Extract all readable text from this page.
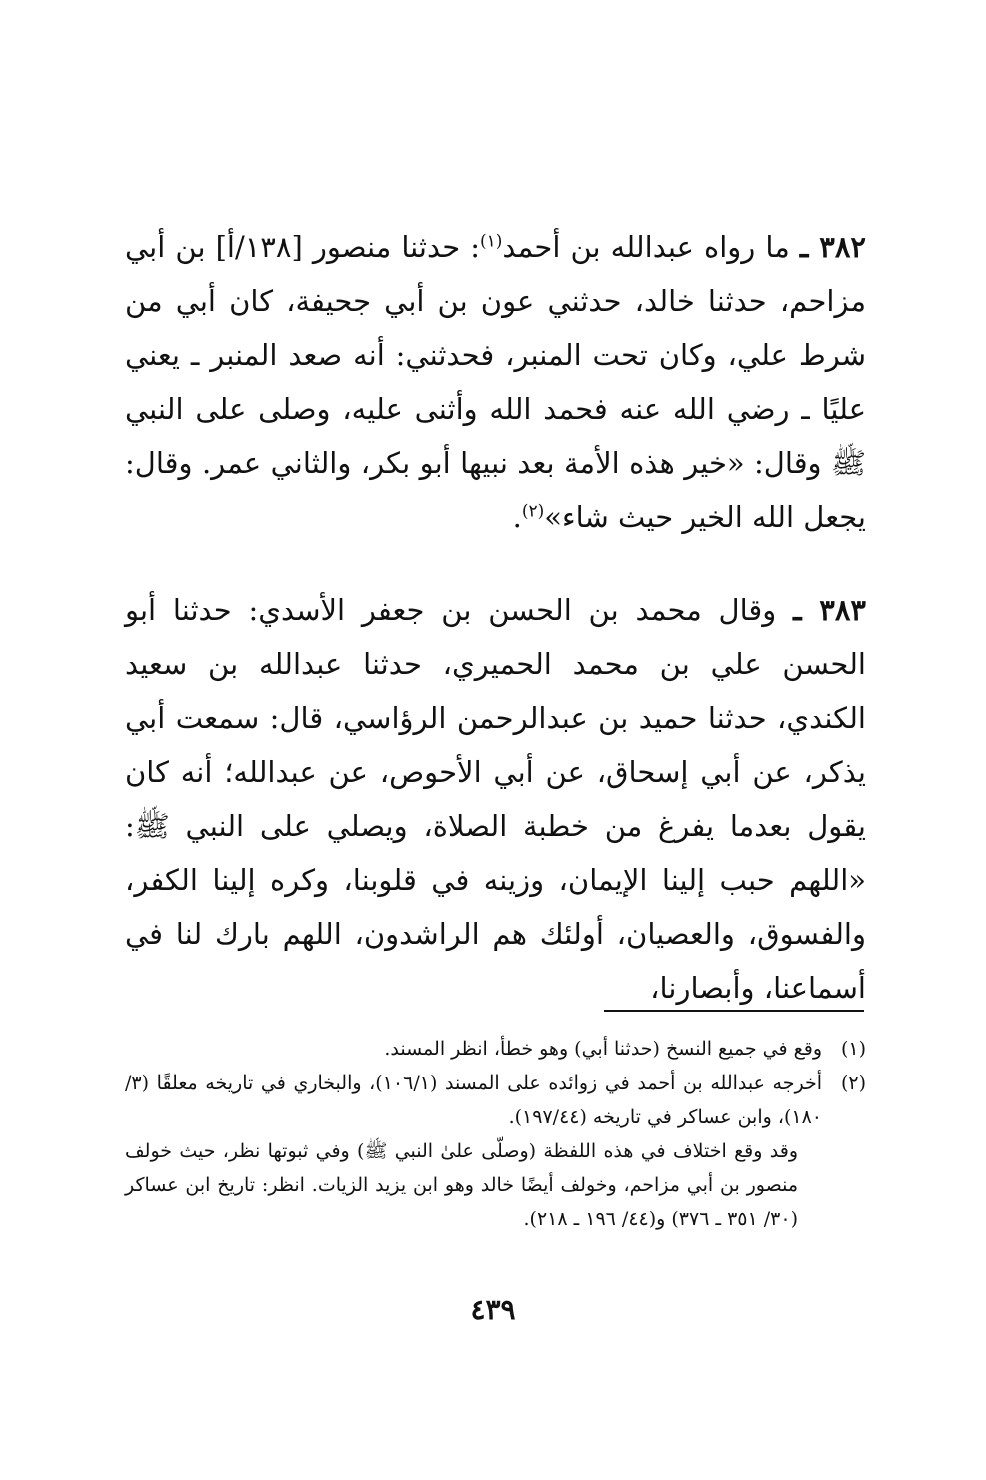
٣٨٢ ـ ما رواه عبدالله بن أحمد$^{(١)}$: حدثنا منصور [١٣٨/أ] بن أبي مزاحم، حدثنا خالد، حدثني عون بن أبي جحيفة، كان أبي من شرط علي، وكان تحت المنبر، فحدثني: أنه صعد المنبر ـ يعني عليًا ـ رضي الله عنه فحمد الله وأثنى عليه، وصلى على النبي ﷺ وقال: «خير هذه الأمة بعد نبيها أبو بكر، والثاني عمر. وقال: يجعل الله الخير حيث شاء»$^{(٢)}$.

٣٨٣ ـ وقال محمد بن الحسن بن جعفر الأسدي: حدثنا أبو الحسن علي بن محمد الحميري، حدثنا عبدالله بن سعيد الكندي، حدثنا حميد بن عبدالرحمن الرؤاسي، قال: سمعت أبي يذكر، عن أبي إسحاق، عن أبي الأحوص، عن عبدالله؛ أنه كان يقول بعدما يفرغ من خطبة الصلاة، ويصلي على النبي ﷺ: «اللهم حبب إلينا الإيمان، وزينه في قلوبنا، وكره إلينا الكفر، والفسوق، والعصيان، أولئك هم الراشدون، اللهم بارك لنا في أسماعنا، وأبصارنا،

(١)
وقع في جميع النسخ (حدثنا أبي) وهو خطأ، انظر المسند.
(٢)
أخرجه عبدالله بن أحمد في زوائده على المسند (١٠٦/١)، والبخاري في تاريخه معلقًا (٣/ ١٨٠)، وابن عساكر في تاريخه (١٩٧/٤٤).
وقد وقع اختلاف في هذه اللفظة (وصلّى علىٰ النبي ﷺ) وفي ثبوتها نظر، حيث خولف منصور بن أبي مزاحم، وخولف أيضًا خالد وهو ابن يزيد الزيات. انظر: تاريخ ابن عساكر (٣٠/ ٣٥١ ـ ٣٧٦) و(٤٤/ ١٩٦ ـ ٢١٨).
٤٣٩
